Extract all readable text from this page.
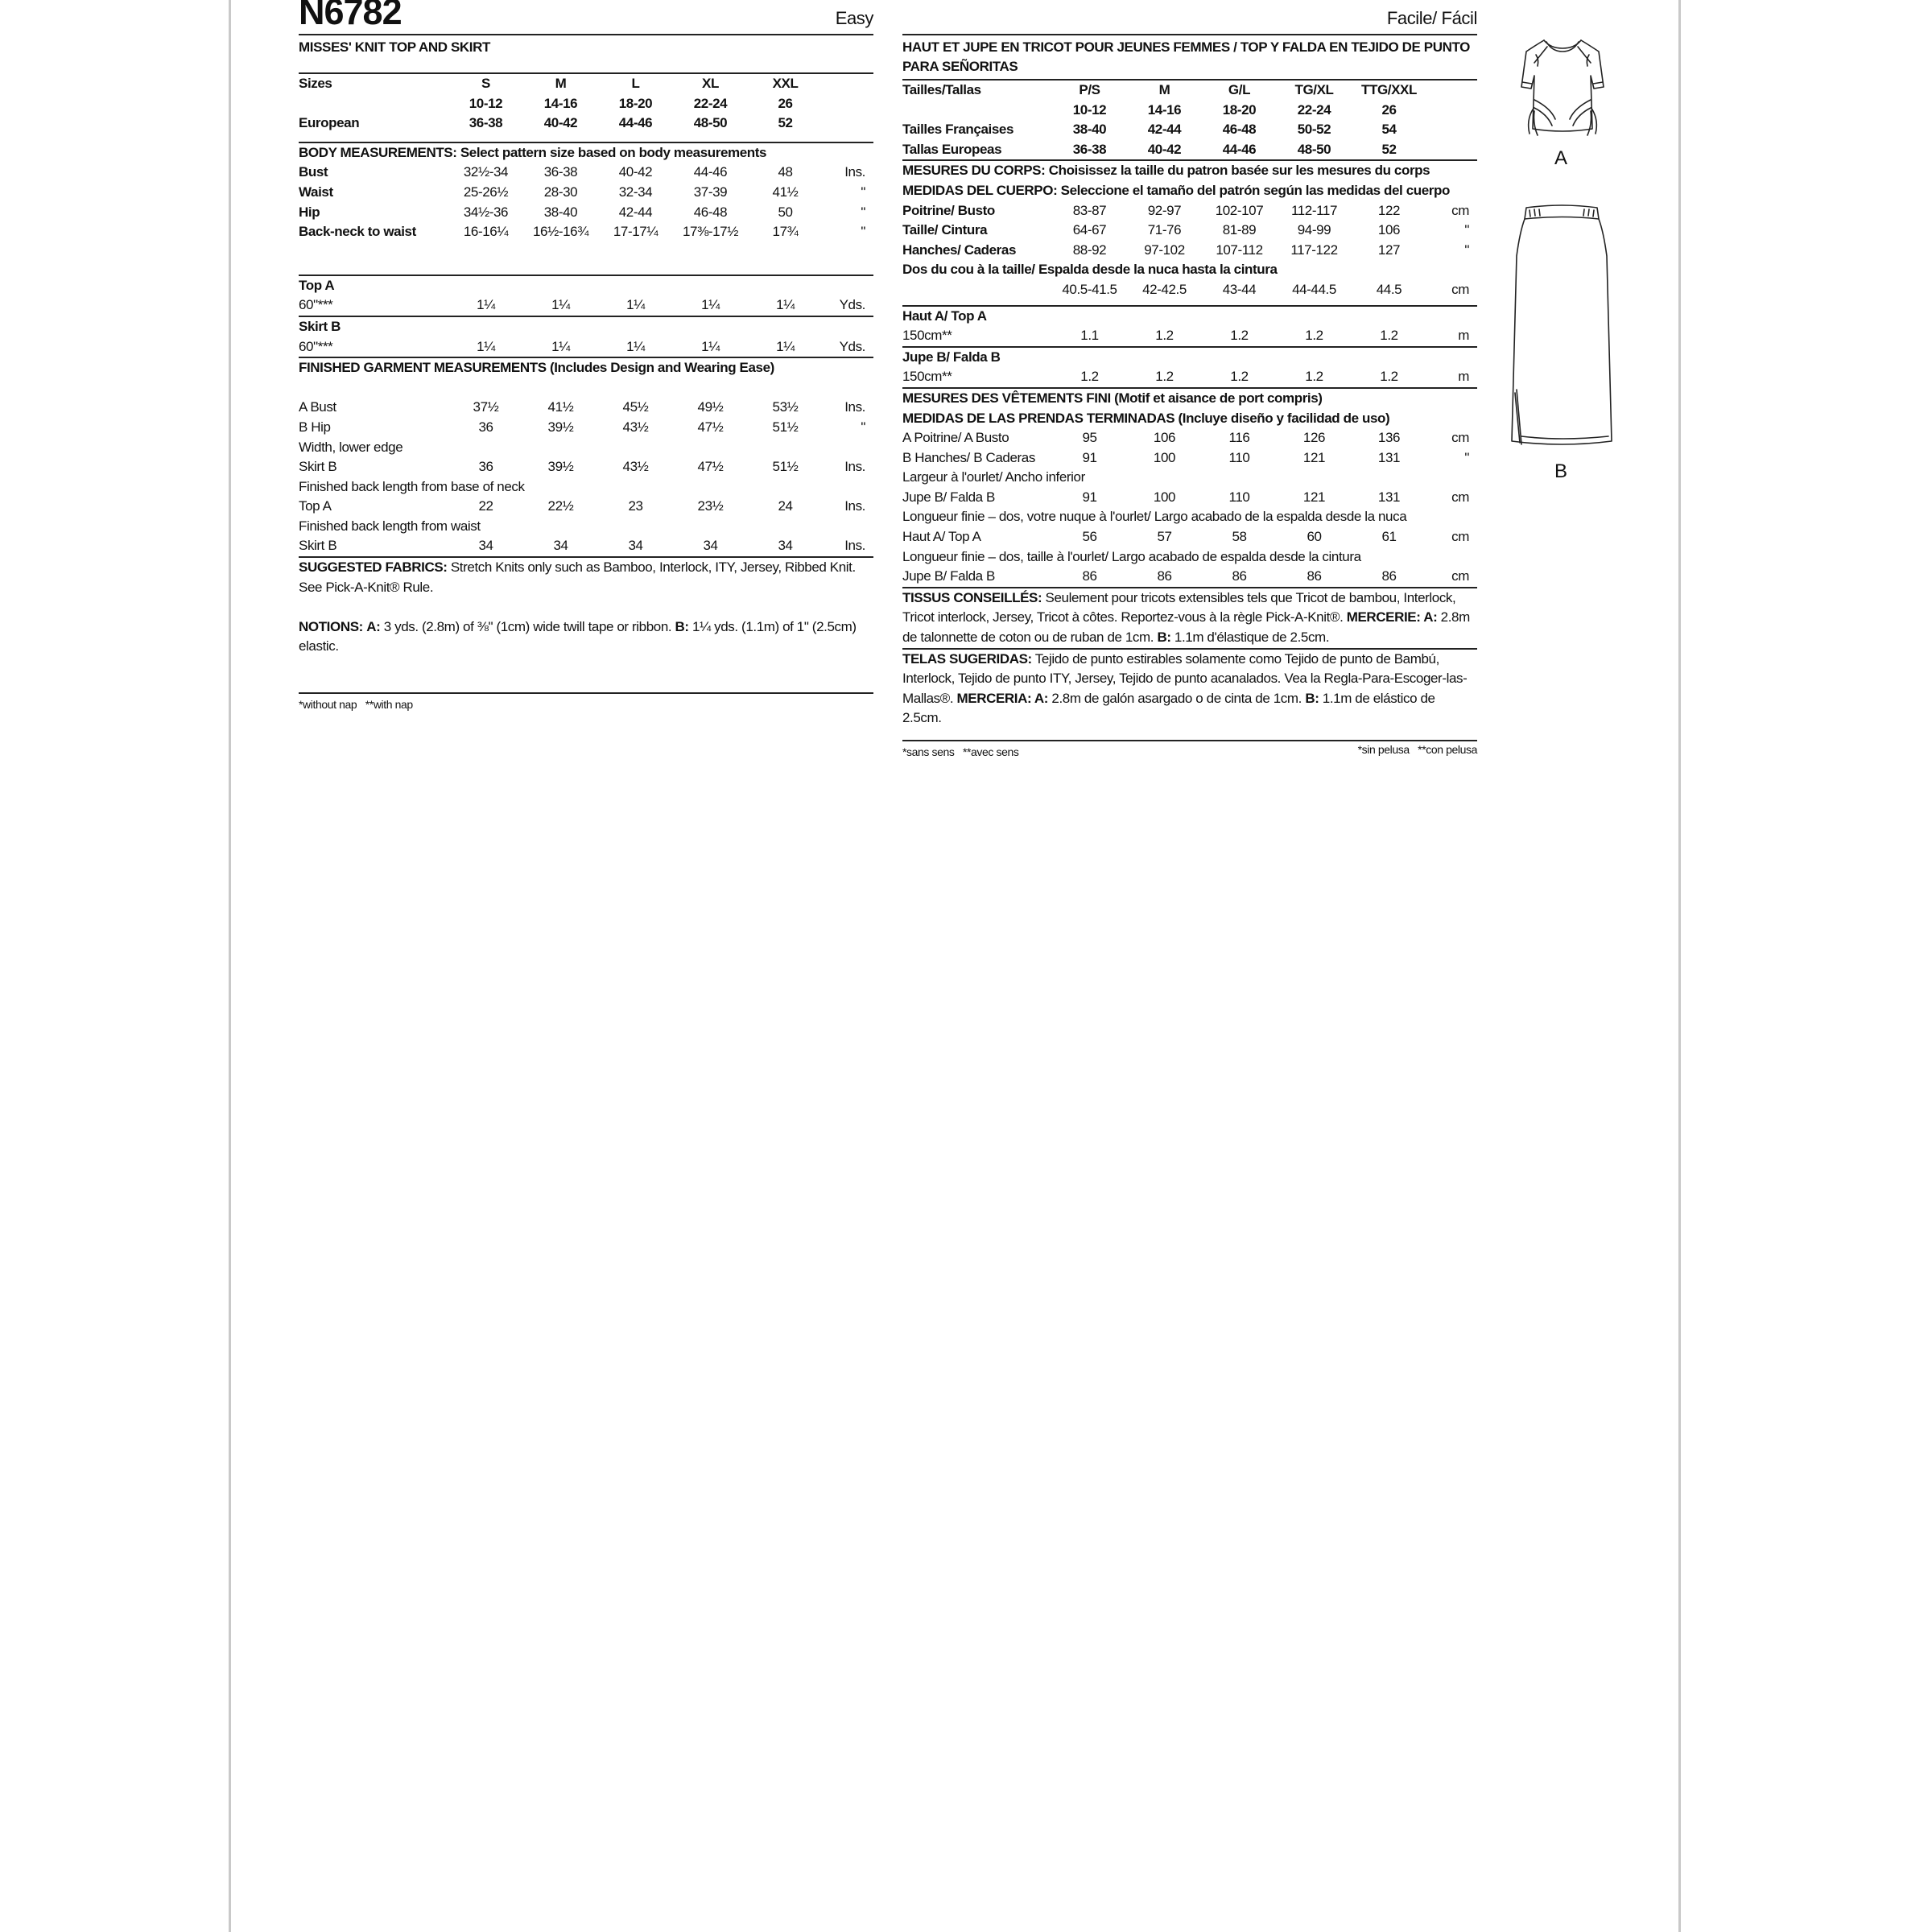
N6782	Easy
MISSES' KNIT TOP AND SKIRT
Sizes	S	M	L	XL	XXL	
	10-12	14-16	18-20	22-24	26	
European	36-38	40-42	44-46	48-50	52	
BODY MEASUREMENTS: Select pattern size based on body measurements
Bust	32½-34	36-38	40-42	44-46	48	Ins.
Waist	25-26½	28-30	32-34	37-39	41½	"
Hip	34½-36	38-40	42-44	46-48	50	"
Back-neck to waist	16-16¼	16½-16¾	17-17¼	17⅜-17½	17¾	"
Top A
60"***	1¼	1¼	1¼	1¼	1¼	Yds.
Skirt B
60"***	1¼	1¼	1¼	1¼	1¼	Yds.
FINISHED GARMENT MEASUREMENTS (Includes Design and Wearing Ease)
A Bust	37½	41½	45½	49½	53½	Ins.
B Hip	36	39½	43½	47½	51½	"
Width, lower edge						
Skirt B	36	39½	43½	47½	51½	Ins.
Finished back length from base of neck						
Top A	22	22½	23	23½	24	Ins.
Finished back length from waist						
Skirt B	34	34	34	34	34	Ins.
SUGGESTED FABRICS: Stretch Knits only such as Bamboo, Interlock, ITY, Jersey, Ribbed Knit. See Pick-A-Knit® Rule.
NOTIONS: A: 3 yds. (2.8m) of ⅜" (1cm) wide twill tape or ribbon. B: 1¼ yds. (1.1m) of 1" (2.5cm) elastic.
*without nap   **with nap
Facile/ Fácil
HAUT ET JUPE EN TRICOT POUR JEUNES FEMMES / TOP Y FALDA EN TEJIDO DE PUNTO PARA SEÑORITAS
Tailles/Tallas	P/S	M	G/L	TG/XL	TTG/XXL	
	10-12	14-16	18-20	22-24	26	
Tailles Françaises	38-40	42-44	46-48	50-52	54	
Tallas Europeas	36-38	40-42	44-46	48-50	52	
MESURES DU CORPS: Choisissez la taille du patron basée sur les mesures du corps
MEDIDAS DEL CUERPO: Seleccione el tamaño del patrón según las medidas del cuerpo
Poitrine/ Busto	83-87	92-97	102-107	112-117	122	cm
Taille/ Cintura	64-67	71-76	81-89	94-99	106	"
Hanches/ Caderas	88-92	97-102	107-112	117-122	127	"
Dos du cou à la taille/ Espalda desde la nuca hasta la cintura						
	40.5-41.5	42-42.5	43-44	44-44.5	44.5	cm
Haut A/ Top A
150cm**	1.1	1.2	1.2	1.2	1.2	m
Jupe B/ Falda B
150cm**	1.2	1.2	1.2	1.2	1.2	m
MESURES DES VÊTEMENTS FINI (Motif et aisance de port compris)
MEDIDAS DE LAS PRENDAS TERMINADAS (Incluye diseño y facilidad de uso)
A Poitrine/ A Busto	95	106	116	126	136	cm
B Hanches/ B Caderas	91	100	110	121	131	"
Largeur à l'ourlet/ Ancho inferior						
Jupe B/ Falda B	91	100	110	121	131	cm
Longueur finie – dos, votre nuque à l'ourlet/ Largo acabado de la espalda desde la nuca						
Haut A/ Top A	56	57	58	60	61	cm
Longueur finie – dos, taille à l'ourlet/ Largo acabado de espalda desde la cintura						
Jupe B/ Falda B	86	86	86	86	86	cm
TISSUS CONSEILLÉS: Seulement pour tricots extensibles tels que Tricot de bambou, Interlock, Tricot interlock, Jersey, Tricot à côtes. Reportez-vous à la règle Pick-A-Knit®. MERCERIE: A: 2.8m de talonnette de coton ou de ruban de 1cm. B: 1.1m d'élastique de 2.5cm.
TELAS SUGERIDAS: Tejido de punto estirables solamente como Tejido de punto de Bambú, Interlock, Tejido de punto ITY, Jersey, Tejido de punto acanalados. Vea la Regla-Para-Escoger-las-Mallas®. MERCERIA: A: 2.8m de galón asargado o de cinta de 1cm. B: 1.1m de elástico de 2.5cm.
*sans sens   **avec sens	*sin pelusa   **con pelusa
A
B
